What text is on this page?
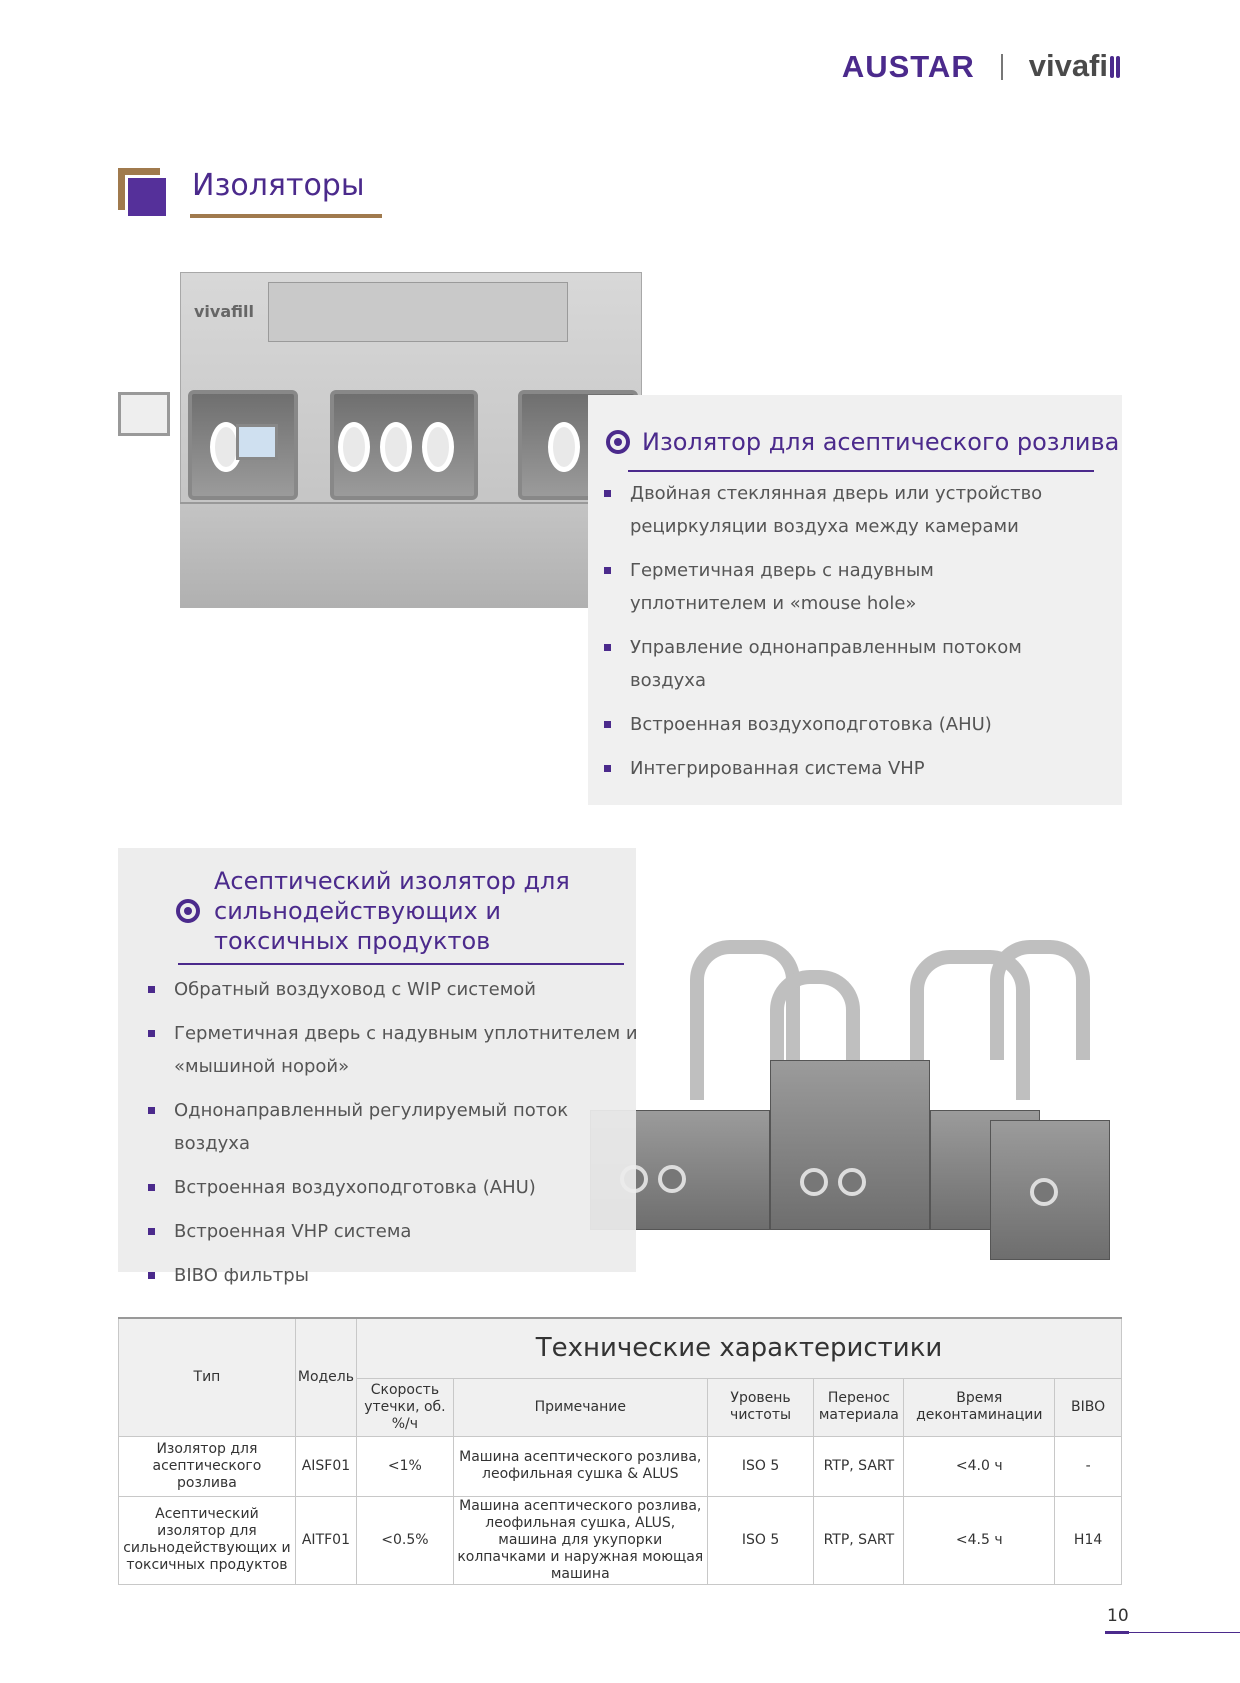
AUSTAR vivafi
Изоляторы
vivafill
Изолятор для асептического розлива
Двойная стеклянная дверь или устройство рециркуляции воздуха между камерами
Герметичная дверь с надувным уплотнителем и «mouse hole»
Управление однонаправленным потоком воздуха
Встроенная воздухоподготовка (AHU)
Интегрированная система VHP
Асептический изолятор для сильнодействующих и токсичных продуктов
Обратный воздуховод с WIP системой
Герметичная дверь с надувным уплотнителем и «мышиной норой»
Однонаправленный регулируемый поток воздуха
Встроенная воздухоподготовка (AHU)
Встроенная VHP система
BIBO фильтры
Тип	Модель	Технические характеристики					
		Скорость утечки, об. %/ч	Примечание	Уровень чистоты	Перенос материала	Время деконтаминации	BIBO
Изолятор для асептического розлива	AISF01	<1%	Машина асептического розлива, леофильная сушка & ALUS	ISO 5	RTP, SART	<4.0 ч	-
Асептический изолятор для сильнодействующих и токсичных продуктов	AITF01	<0.5%	Машина асептического розлива, леофильная сушка, ALUS, машина для укупорки колпачками и наружная моющая машина	ISO 5	RTP, SART	<4.5 ч	H14
10
